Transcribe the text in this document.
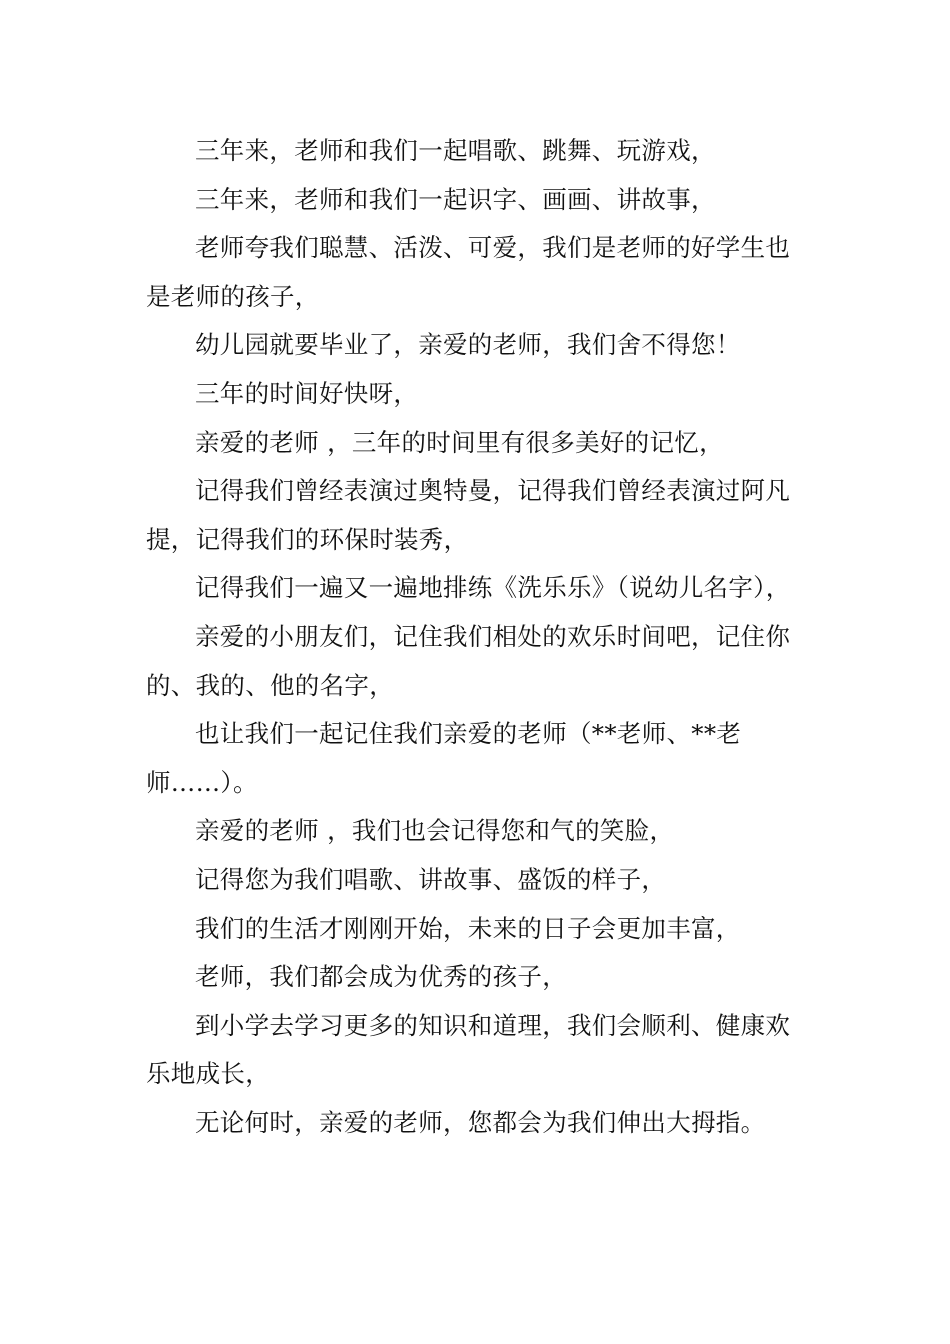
三年来，老师和我们一起唱歌、跳舞、玩游戏，

三年来，老师和我们一起识字、画画、讲故事，

老师夸我们聪慧、活泼、可爱，我们是老师的好学生也是老师的孩子，

幼儿园就要毕业了，亲爱的老师，我们舍不得您！

三年的时间好快呀，

亲爱的老师 ，三年的时间里有很多美好的记忆，

记得我们曾经表演过奥特曼，记得我们曾经表演过阿凡提，记得我们的环保时装秀，

记得我们一遍又一遍地排练《洗乐乐》（说幼儿名字），

亲爱的小朋友们，记住我们相处的欢乐时间吧，记住你的、我的、他的名字，

也让我们一起记住我们亲爱的老师（**老师、**老师……）。

亲爱的老师 ，我们也会记得您和气的笑脸，

记得您为我们唱歌、讲故事、盛饭的样子，

我们的生活才刚刚开始，未来的日子会更加丰富，

老师，我们都会成为优秀的孩子，

到小学去学习更多的知识和道理，我们会顺利、健康欢乐地成长，

无论何时，亲爱的老师，您都会为我们伸出大拇指。
